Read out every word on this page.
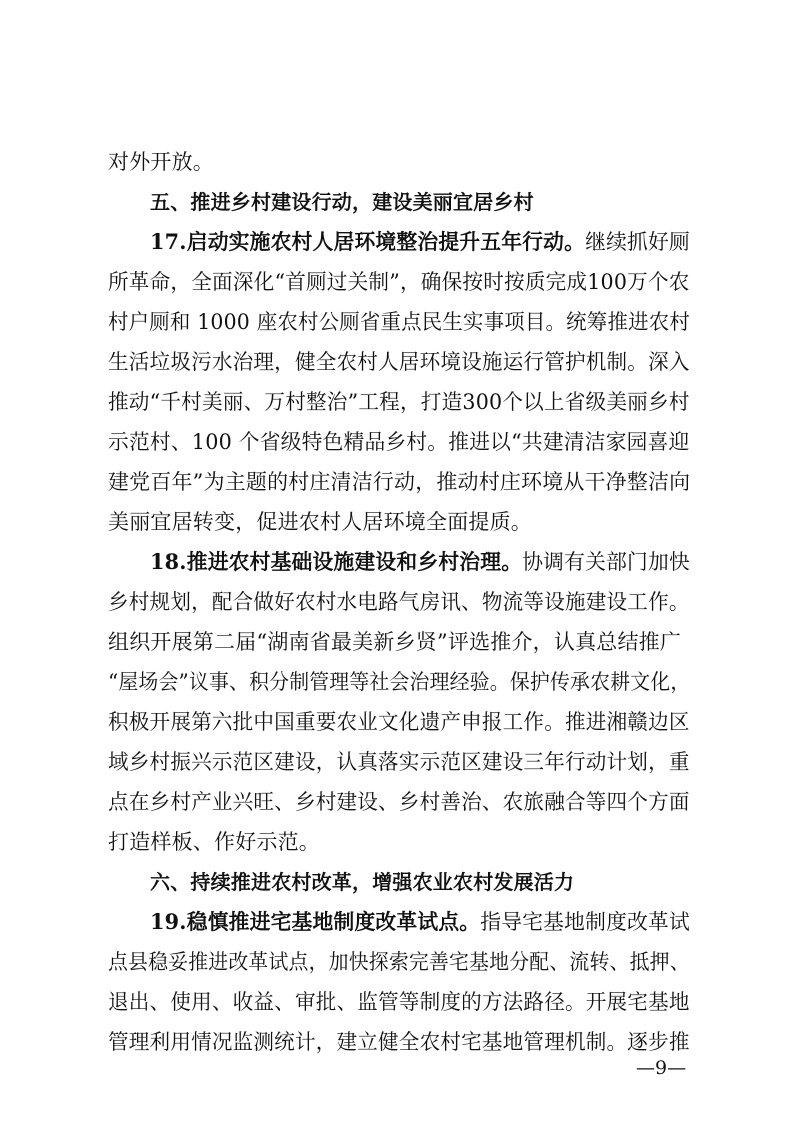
对外开放。
五、推进乡村建设行动，建设美丽宜居乡村
17.启动实施农村人居环境整治提升五年行动。继续抓好厕
所革命，全面深化“首厕过关制”，确保按时按质完成100万个农
村户厕和 1000 座农村公厕省重点民生实事项目。统筹推进农村
生活垃圾污水治理，健全农村人居环境设施运行管护机制。深入
推动“千村美丽、万村整治”工程，打造300个以上省级美丽乡村
示范村、100 个省级特色精品乡村。推进以“共建清洁家园喜迎
建党百年”为主题的村庄清洁行动，推动村庄环境从干净整洁向
美丽宜居转变，促进农村人居环境全面提质。
18.推进农村基础设施建设和乡村治理。协调有关部门加快
乡村规划，配合做好农村水电路气房讯、物流等设施建设工作。
组织开展第二届“湖南省最美新乡贤”评选推介，认真总结推广
“屋场会”议事、积分制管理等社会治理经验。保护传承农耕文化，
积极开展第六批中国重要农业文化遗产申报工作。推进湘赣边区
域乡村振兴示范区建设，认真落实示范区建设三年行动计划，重
点在乡村产业兴旺、乡村建设、乡村善治、农旅融合等四个方面
打造样板、作好示范。
六、持续推进农村改革，增强农业农村发展活力
19.稳慎推进宅基地制度改革试点。指导宅基地制度改革试
点县稳妥推进改革试点，加快探索完善宅基地分配、流转、抵押、
退出、使用、收益、审批、监管等制度的方法路径。开展宅基地
管理利用情况监测统计，建立健全农村宅基地管理机制。逐步推
—9—
